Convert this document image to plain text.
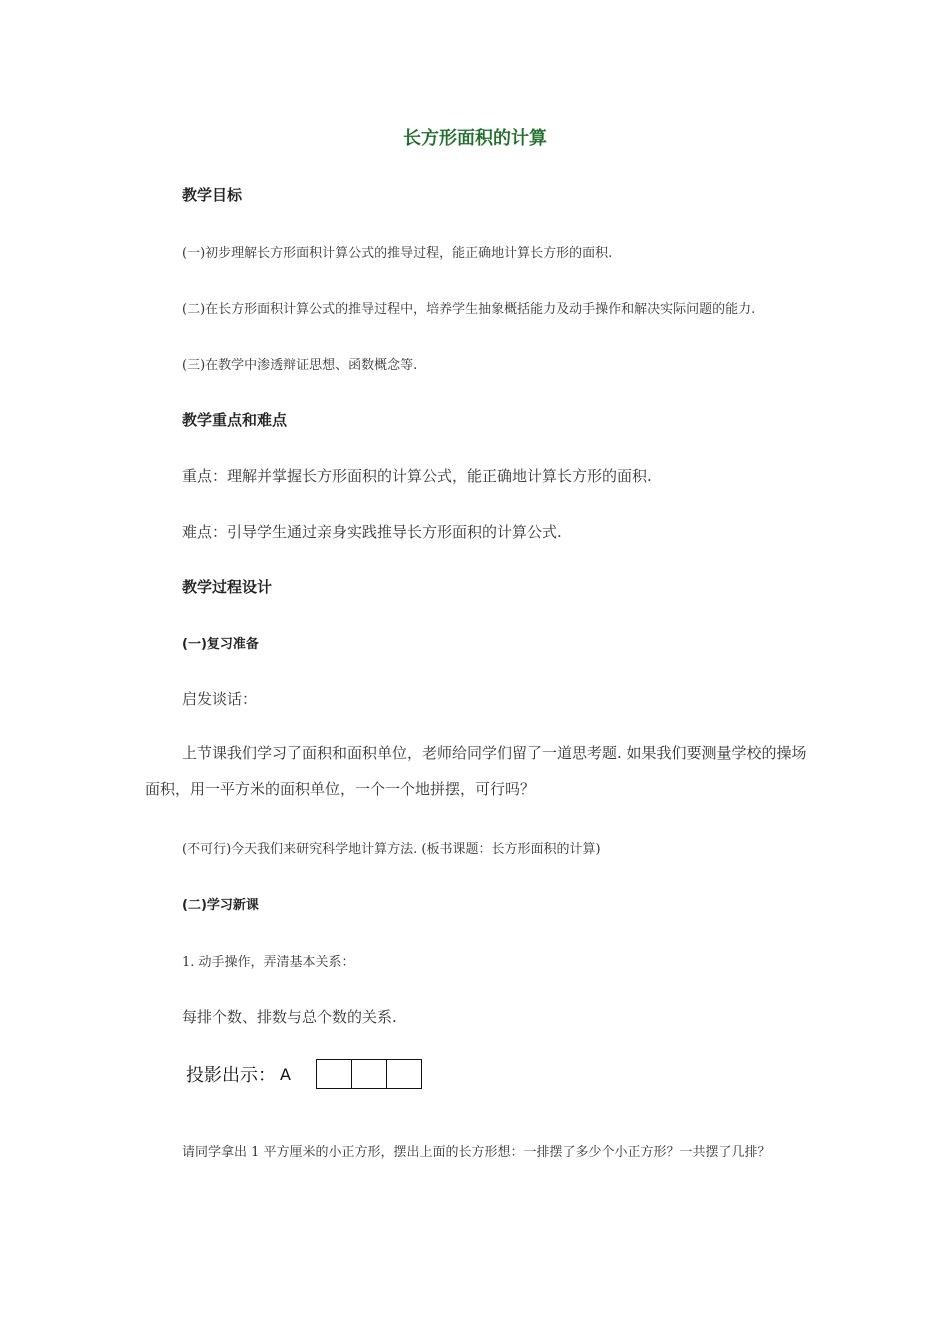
长方形面积的计算
教学目标
(一)初步理解长方形面积计算公式的推导过程，能正确地计算长方形的面积.
(二)在长方形面积计算公式的推导过程中，培养学生抽象概括能力及动手操作和解决实际问题的能力.
(三)在教学中渗透辩证思想、函数概念等.
教学重点和难点
重点：理解并掌握长方形面积的计算公式，能正确地计算长方形的面积.
难点：引导学生通过亲身实践推导长方形面积的计算公式.
教学过程设计
(一)复习准备
启发谈话：
上节课我们学习了面积和面积单位，老师给同学们留了一道思考题. 如果我们要测量学校的操场面积，用一平方米的面积单位，一个一个地拼摆，可行吗？
(不可行)今天我们来研究科学地计算方法. (板书课题：长方形面积的计算)
(二)学习新课
1. 动手操作，弄清基本关系：
每排个数、排数与总个数的关系.
投影出示： A
请同学拿出 1 平方厘米的小正方形，摆出上面的长方形想：一排摆了多少个小正方形？一共摆了几排？
